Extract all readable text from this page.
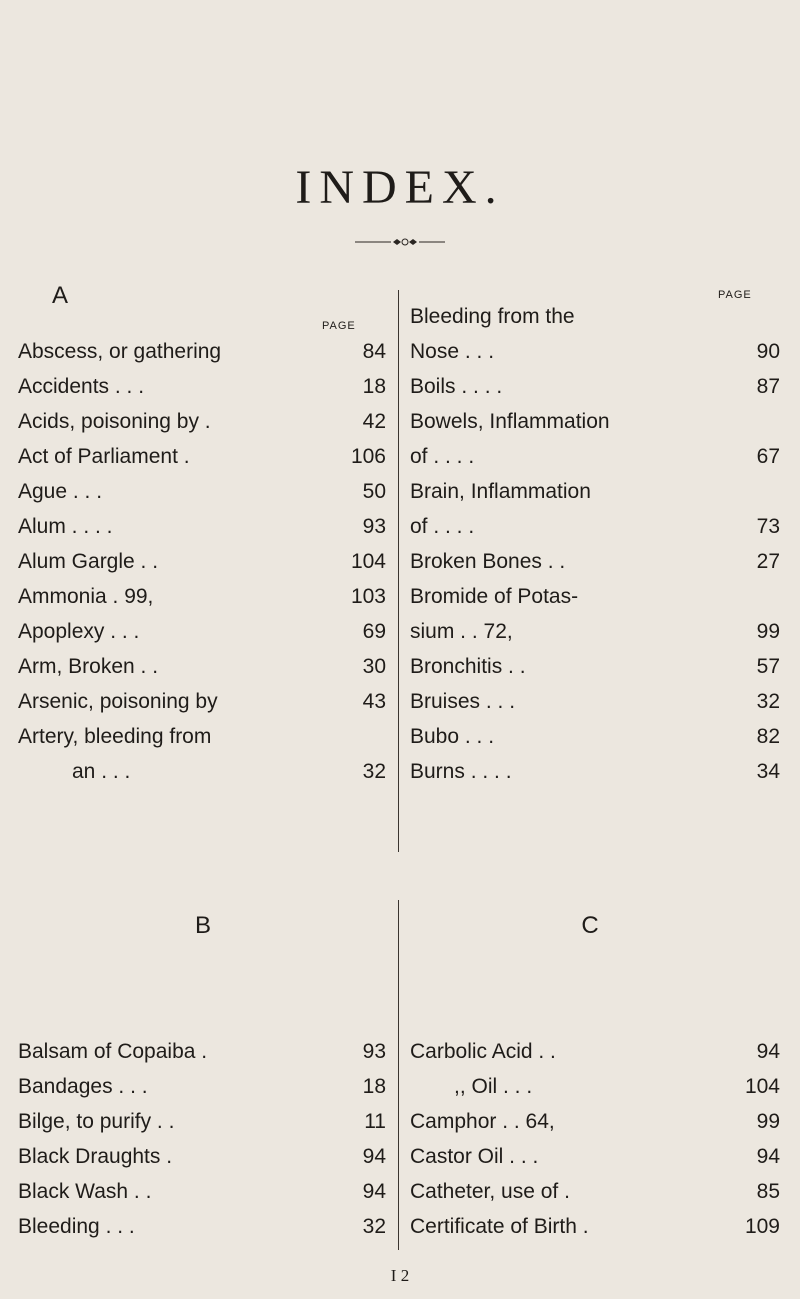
INDEX.
A
PAGE
PAGE
Abscess, or gathering	84
Accidents . . .	18
Acids, poisoning by .	42
Act of Parliament .	106
Ague . . .	50
Alum . . . .	93
Alum Gargle . .	104
Ammonia . 99,	103
Apoplexy . . .	69
Arm, Broken . .	30
Arsenic, poisoning by	43
Artery, bleeding from
an . . .	32
Bleeding from the
Nose . . .	90
Boils . . . .	87
Bowels, Inflammation
of . . . .	67
Brain, Inflammation
of . . . .	73
Broken Bones . .	27
Bromide of Potas-
sium . . 72,	99
Bronchitis . .	57
Bruises . . .	32
Bubo . . .	82
Burns . . . .	34
B	C
Balsam of Copaiba .	93
Bandages . . .	18
Bilge, to purify . .	11
Black Draughts .	94
Black Wash . .	94
Bleeding . . .	32
Carbolic Acid . .	94
,, Oil . . .	104
Camphor . . 64,	99
Castor Oil . . .	94
Catheter, use of .	85
Certificate of Birth .	109
I 2
